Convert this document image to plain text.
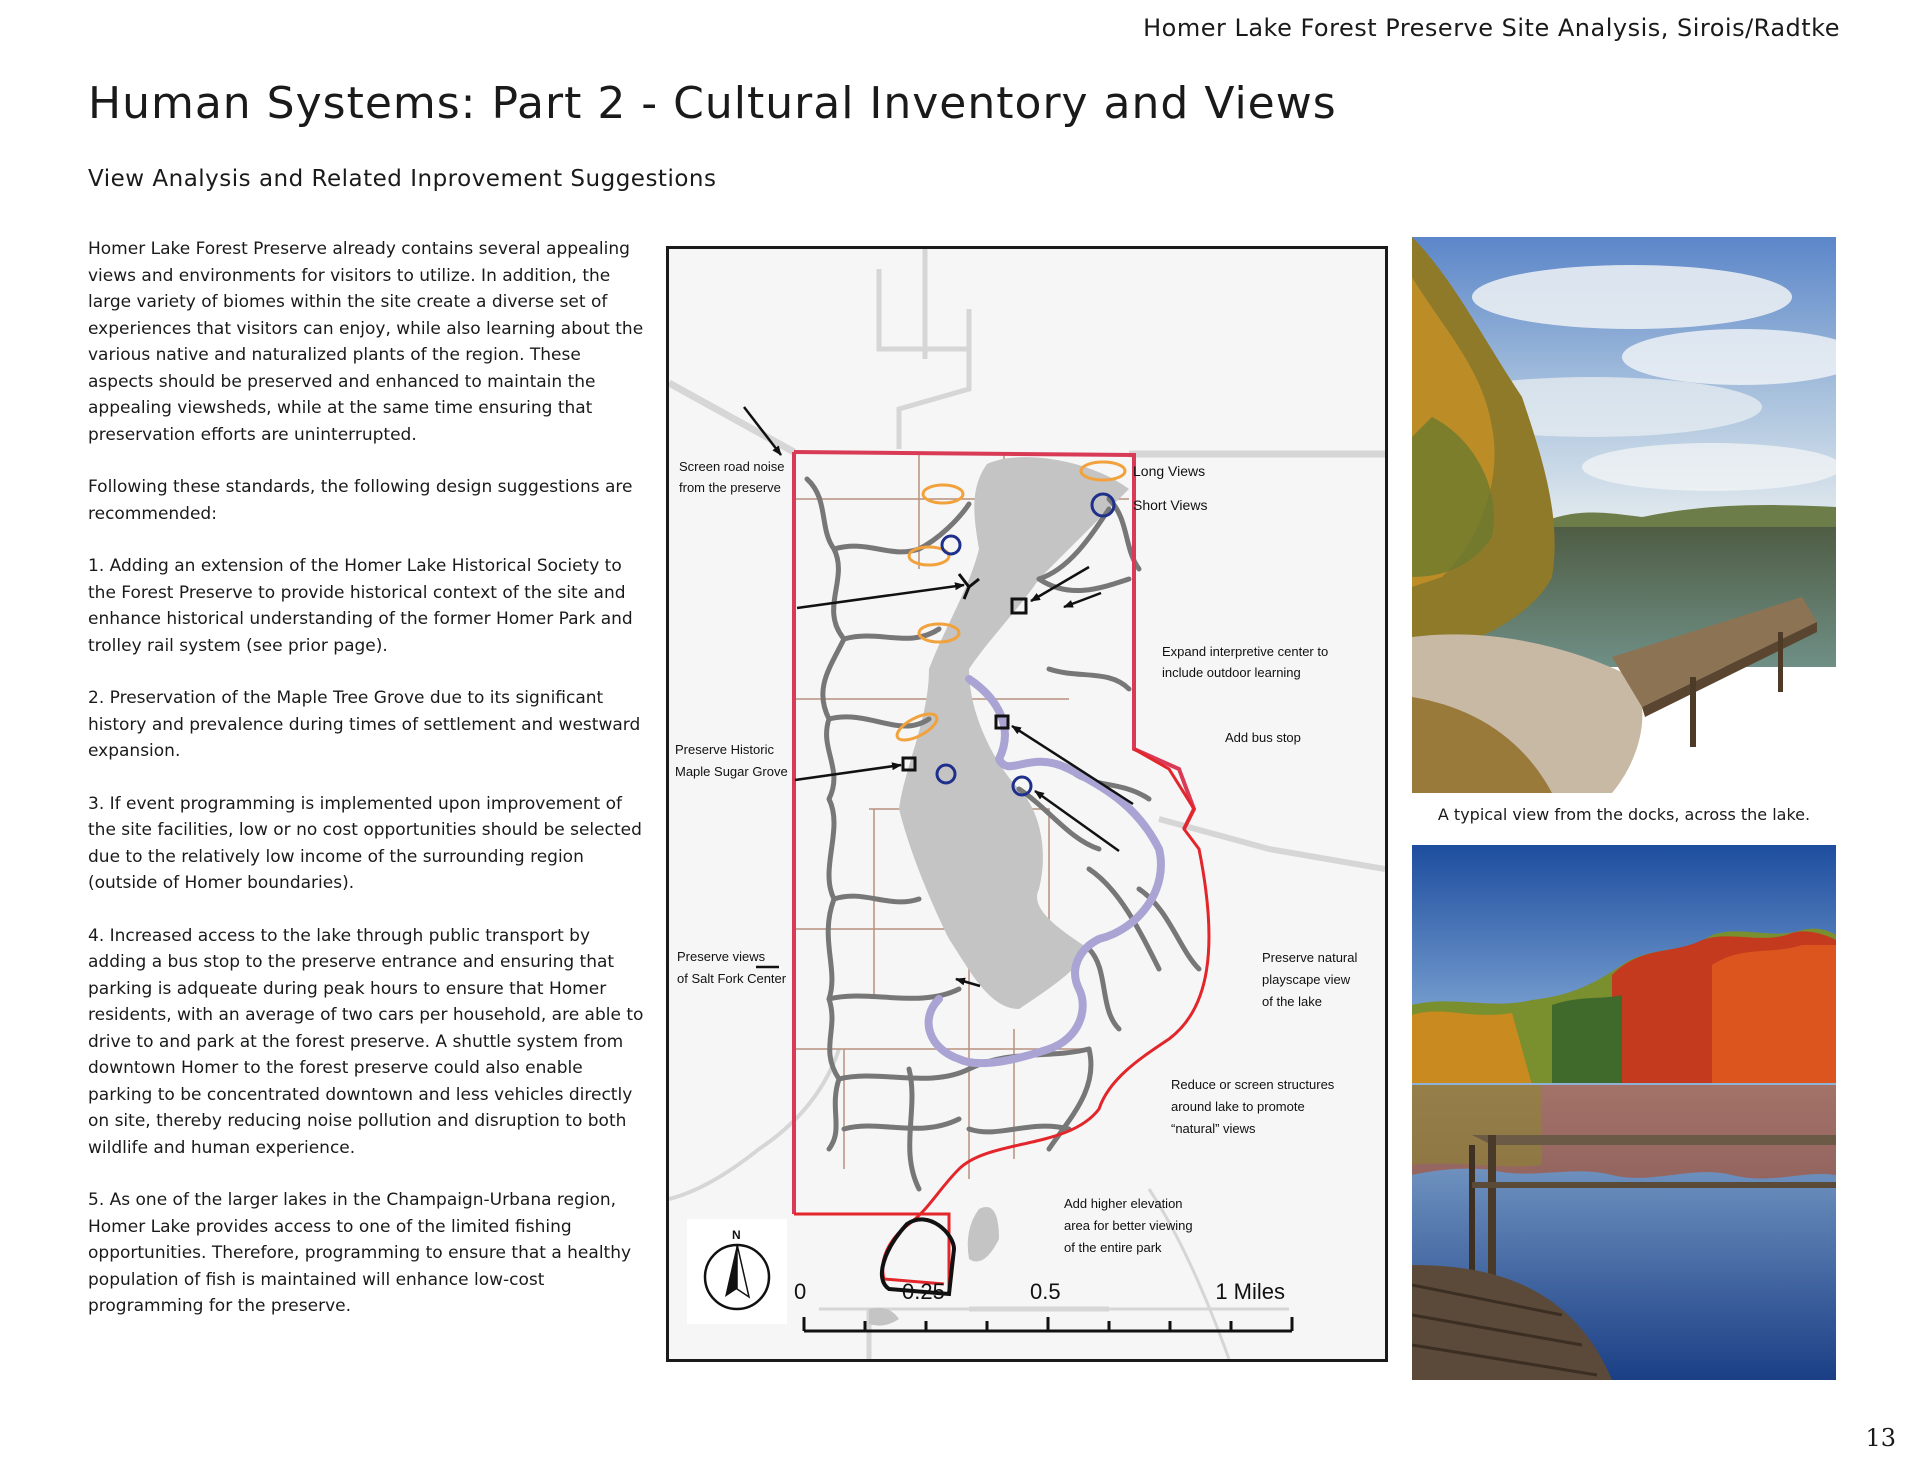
Homer Lake Forest Preserve Site Analysis, Sirois/Radtke
Human Systems: Part 2 - Cultural Inventory and Views
View Analysis and Related Inprovement Suggestions

Homer Lake Forest Preserve already contains several appealing views and environments for visitors to utilize. In addition, the large variety of biomes within the site create a diverse set of experiences that visitors can enjoy, while also learning about the various native and naturalized plants of the region. These aspects should be preserved and enhanced to maintain the appealing viewsheds, while at the same time ensuring that preservation efforts are uninterrupted.

Following these standards, the following design suggestions are recommended:

1. Adding an extension of the Homer Lake Historical Society to the Forest Preserve to provide historical context of the site and enhance historical understanding of the former Homer Park and trolley rail system (see prior page).

2. Preservation of the Maple Tree Grove due to its significant history and prevalence during times of settlement and westward expansion.

3. If event programming is implemented upon improvement of the site facilities, low or no cost opportunities should be selected due to the relatively low income of the surrounding region (outside of Homer boundaries).

4. Increased access to the lake through public transport by adding a bus stop to the preserve entrance and ensuring that parking is adqueate during peak hours to ensure that Homer residents, with an average of two cars per household, are able to drive to and park at the forest preserve. A shuttle system from downtown Homer to the forest preserve could also enable parking to be concentrated downtown and less vehicles directly on site, thereby reducing noise pollution and disruption to both wildlife and human experience.

5. As one of the larger lakes in the Champaign-Urbana region, Homer Lake provides access to one of the limited fishing opportunities. Therefore, programming to ensure that a healthy population of fish is maintained will enhance low-cost programming for the preserve.

Long Views
Short Views
Screen road noise
from the preserve
Preserve Historic
Maple Sugar Grove
Preserve views
of Salt Fork Center
Expand interpretive center to
include outdoor learning
Add bus stop
Preserve natural
playscape view
of the lake
Reduce or screen structures
around lake to promote
“natural” views
Add higher elevation
area for better viewing
of the entire park
N
0	0.25	0.5	1 Miles
A typical view from the docks, across the lake.
13
